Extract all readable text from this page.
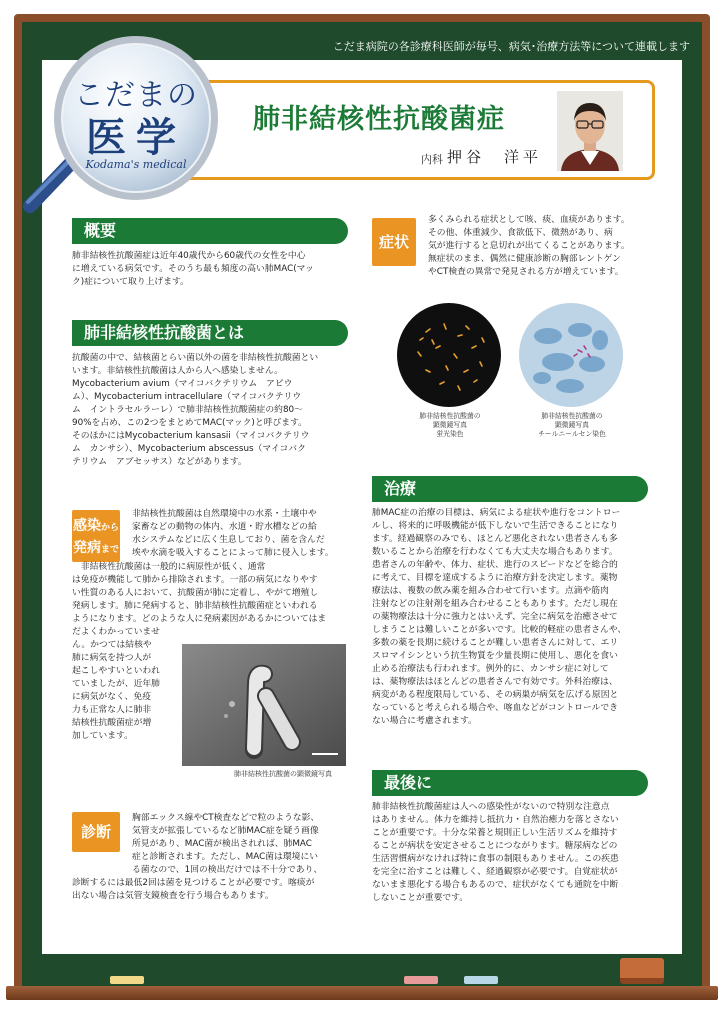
こだま病院の各診療科医師が毎号、病気･治療方法等について連載します
肺非結核性抗酸菌症
内科 押谷　洋平
こだまの
医学
Kodama's medical
概要
肺非結核性抗酸菌症は近年40歳代から60歳代の女性を中心
に増えている病気です。そのうち最も頻度の高い肺MAC(マッ
ク)症について取り上げます。
肺非結核性抗酸菌とは
抗酸菌の中で、結核菌とらい菌以外の菌を非結核性抗酸菌とい
います。非結核性抗酸菌は人から人へ感染しません。
Mycobacterium avium（マイコバクテリウム　アビウ
ム）、Mycobacterium intracellulare（マイコバクテリウ
ム　イントラセルラーレ）で肺非結核性抗酸菌症の約80～
90%を占め、この2つをまとめてMAC(マック)と呼びます。
そのほかにはMycobacterium kansasii（マイコバクテリウ
ム　カンサシ）、Mycobacterium abscessus（マイコバク
テリウム　アブセッサス）などがあります。
感染から
発病まで
非結核性抗酸菌は自然環境中の水系・土壌中や
家畜などの動物の体内、水道・貯水槽などの給
水システムなどに広く生息しており、菌を含んだ
埃や水滴を吸入することによって肺に侵入します。
　非結核性抗酸菌は一般的に病原性が低く、通常
は免疫が機能して肺から排除されます。一部の病気になりやす
い性質のある人において、抗酸菌が肺に定着し、やがて増殖し
発病します。肺に発病すると、肺非結核性抗酸菌症といわれる
ようになります。どのような人に発病素因があるかについてはま
だよくわかっていませ
ん。かつては結核や
肺に病気を持つ人が
起こしやすいといわれ
ていましたが、近年肺
に病気がなく、免疫
力も正常な人に肺非
結核性抗酸菌症が増
加しています。
肺非結核性抗酸菌の顕微鏡写真
診断
胸部エックス線やCT検査などで粒のような影、
気管支が拡張しているなど肺MAC症を疑う画像
所見があり、MAC菌が検出されれば、肺MAC
症と診断されます。ただし、MAC菌は環境にい
る菌なので、1回の検出だけでは不十分であり、
診断するには最低2回は菌を見つけることが必要です。喀痰が
出ない場合は気管支鏡検査を行う場合もあります。
症状
多くみられる症状として咳、痰、血痰があります。
その他、体重減少、食欲低下、微熱があり、病
気が進行すると息切れが出てくることがあります。
無症状のまま、偶然に健康診断の胸部レントゲン
やCT検査の異常で発見される方が増えています。
肺非結核性抗酸菌の
顕微鏡写真
蛍光染色
肺非結核性抗酸菌の
顕微鏡写真
チールニールセン染色
治療
肺MAC症の治療の目標は、病気による症状や進行をコントロー
ルし、将来的に呼吸機能が低下しないで生活できることになり
ます。経過観察のみでも、ほとんど悪化されない患者さんも多
数いることから治療を行わなくても大丈夫な場合もあります。
患者さんの年齢や、体力、症状、進行のスピードなどを総合的
に考えて、目標を達成するように治療方針を決定します。薬物
療法は、複数の飲み薬を組み合わせて行います。点滴や筋肉
注射などの注射剤を組み合わせることもあります。ただし現在
の薬物療法は十分に強力とはいえず、完全に病気を治癒させて
しまうことは難しいことが多いです。比較的軽症の患者さんや、
多数の薬を長期に続けることが難しい患者さんに対して、エリ
スロマイシンという抗生物質を少量長期に使用し、悪化を食い
止める治療法も行われます。例外的に、カンサシ症に対して
は、薬物療法はほとんどの患者さんで有効です。外科治療は、
病変がある程度限局している、その病巣が病気を広げる原因と
なっていると考えられる場合や、喀血などがコントロールでき
ない場合に考慮されます。
最後に
肺非結核性抗酸菌症は人への感染性がないので特別な注意点
はありません。体力を維持し抵抗力・自然治癒力を落とさない
ことが重要です。十分な栄養と規則正しい生活リズムを維持す
ることが病状を安定させることにつながります。糖尿病などの
生活習慣病がなければ特に食事の制限もありません。この疾患
を完全に治すことは難しく、経過観察が必要です。自覚症状が
ないまま悪化する場合もあるので、症状がなくても通院を中断
しないことが重要です。
